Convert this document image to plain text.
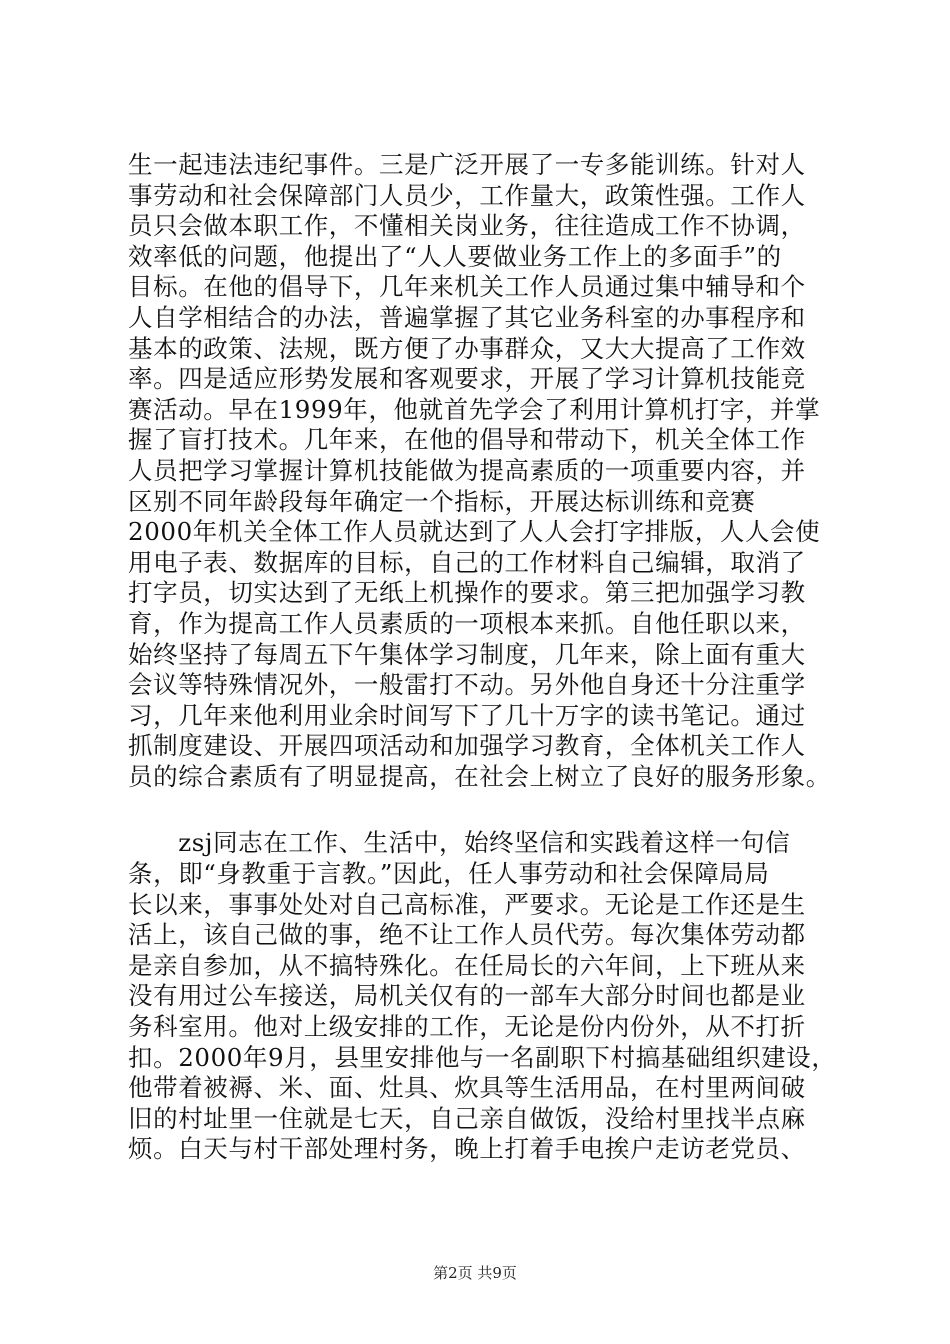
生一起违法违纪事件。三是广泛开展了一专多能训练。针对人
事劳动和社会保障部门人员少，工作量大，政策性强。工作人
员只会做本职工作，不懂相关岗业务，往往造成工作不协调，
效率低的问题，他提出了“人人要做业务工作上的多面手”的
目标。在他的倡导下，几年来机关工作人员通过集中辅导和个
人自学相结合的办法，普遍掌握了其它业务科室的办事程序和
基本的政策、法规，既方便了办事群众，又大大提高了工作效
率。四是适应形势发展和客观要求，开展了学习计算机技能竞
赛活动。早在1999年，他就首先学会了利用计算机打字，并掌
握了盲打技术。几年来，在他的倡导和带动下，机关全体工作
人员把学习掌握计算机技能做为提高素质的一项重要内容，并
区别不同年龄段每年确定一个指标，开展达标训练和竞赛
2000年机关全体工作人员就达到了人人会打字排版，人人会使
用电子表、数据库的目标，自己的工作材料自己编辑，取消了
打字员，切实达到了无纸上机操作的要求。第三把加强学习教
育，作为提高工作人员素质的一项根本来抓。自他任职以来，
始终坚持了每周五下午集体学习制度，几年来，除上面有重大
会议等特殊情况外，一般雷打不动。另外他自身还十分注重学
习，几年来他利用业余时间写下了几十万字的读书笔记。通过
抓制度建设、开展四项活动和加强学习教育，全体机关工作人
员的综合素质有了明显提高，在社会上树立了良好的服务形象。
　　zsj同志在工作、生活中，始终坚信和实践着这样一句信
条，即“身教重于言教。”因此，任人事劳动和社会保障局局
长以来，事事处处对自己高标准，严要求。无论是工作还是生
活上，该自己做的事，绝不让工作人员代劳。每次集体劳动都
是亲自参加，从不搞特殊化。在任局长的六年间，上下班从来
没有用过公车接送，局机关仅有的一部车大部分时间也都是业
务科室用。他对上级安排的工作，无论是份内份外，从不打折
扣。2000年9月，县里安排他与一名副职下村搞基础组织建设，
他带着被褥、米、面、灶具、炊具等生活用品，在村里两间破
旧的村址里一住就是七天，自己亲自做饭，没给村里找半点麻
烦。白天与村干部处理村务，晚上打着手电挨户走访老党员、
第2页 共9页
